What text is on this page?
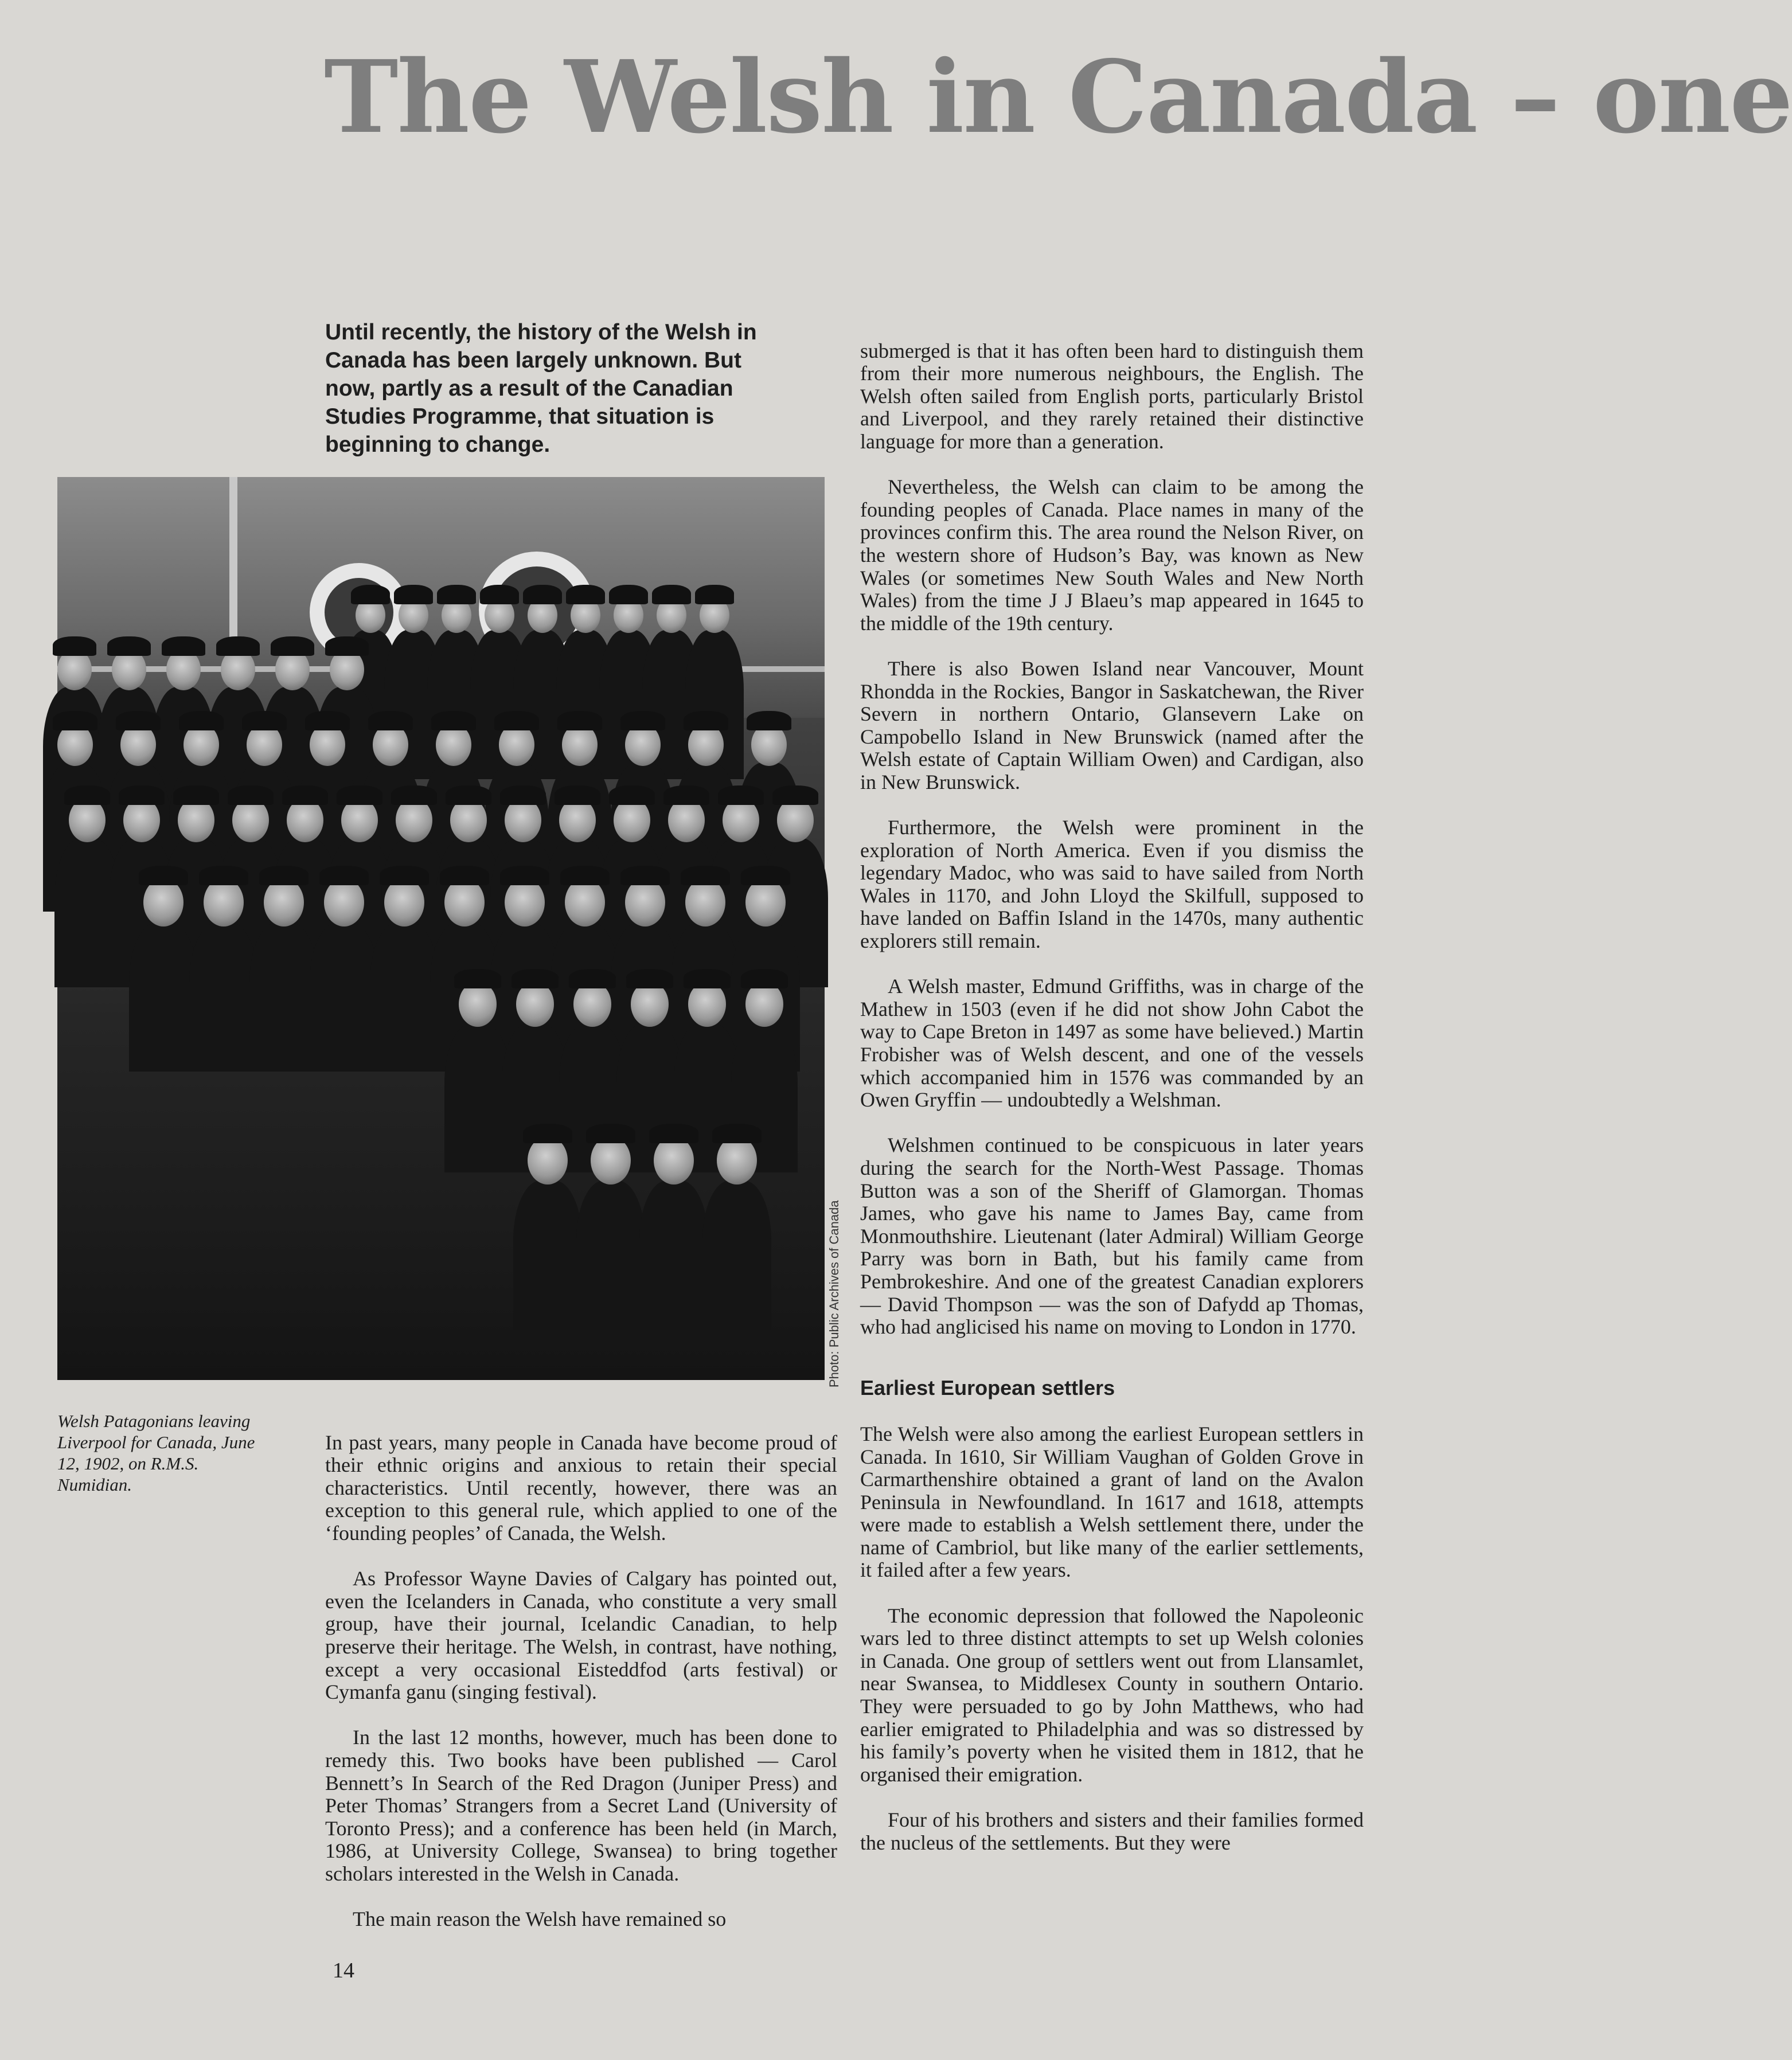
The Welsh in Canada – one

Until recently, the history of the Welsh in Canada has been largely unknown. But now, partly as a result of the Canadian Studies Programme, that situation is beginning to change.

Photo: Public Archives of Canada

Welsh Patagonians leaving Liverpool for Canada, June 12, 1902, on R.M.S. Numidian.

In past years, many people in Canada have become proud of their ethnic origins and anxious to retain their special characteristics. Until recently, however, there was an exception to this general rule, which applied to one of the ‘founding peoples’ of Canada, the Welsh.

As Professor Wayne Davies of Calgary has pointed out, even the Icelanders in Canada, who constitute a very small group, have their journal, Icelandic Canadian, to help preserve their heritage. The Welsh, in contrast, have nothing, except a very occasional Eisteddfod (arts festival) or Cymanfa ganu (singing festival).

In the last 12 months, however, much has been done to remedy this. Two books have been published — Carol Bennett’s In Search of the Red Dragon (Juniper Press) and Peter Thomas’ Strangers from a Secret Land (University of Toronto Press); and a conference has been held (in March, 1986, at University College, Swansea) to bring together scholars interested in the Welsh in Canada.

The main reason the Welsh have remained so

submerged is that it has often been hard to distinguish them from their more numerous neighbours, the English. The Welsh often sailed from English ports, particularly Bristol and Liverpool, and they rarely retained their distinctive language for more than a generation.

Nevertheless, the Welsh can claim to be among the founding peoples of Canada. Place names in many of the provinces confirm this. The area round the Nelson River, on the western shore of Hudson’s Bay, was known as New Wales (or sometimes New South Wales and New North Wales) from the time J J Blaeu’s map appeared in 1645 to the middle of the 19th century.

There is also Bowen Island near Vancouver, Mount Rhondda in the Rockies, Bangor in Saskatchewan, the River Severn in northern Ontario, Glansevern Lake on Campobello Island in New Brunswick (named after the Welsh estate of Captain William Owen) and Cardigan, also in New Brunswick.

Furthermore, the Welsh were prominent in the exploration of North America. Even if you dismiss the legendary Madoc, who was said to have sailed from North Wales in 1170, and John Lloyd the Skilfull, supposed to have landed on Baffin Island in the 1470s, many authentic explorers still remain.

A Welsh master, Edmund Griffiths, was in charge of the Mathew in 1503 (even if he did not show John Cabot the way to Cape Breton in 1497 as some have believed.) Martin Frobisher was of Welsh descent, and one of the vessels which accompanied him in 1576 was commanded by an Owen Gryffin — undoubtedly a Welshman.

Welshmen continued to be conspicuous in later years during the search for the North-West Passage. Thomas Button was a son of the Sheriff of Glamorgan. Thomas James, who gave his name to James Bay, came from Monmouthshire. Lieutenant (later Admiral) William George Parry was born in Bath, but his family came from Pembrokeshire. And one of the greatest Canadian explorers — David Thompson — was the son of Dafydd ap Thomas, who had anglicised his name on moving to London in 1770.

Earliest European settlers

The Welsh were also among the earliest European settlers in Canada. In 1610, Sir William Vaughan of Golden Grove in Carmarthenshire obtained a grant of land on the Avalon Peninsula in Newfoundland. In 1617 and 1618, attempts were made to establish a Welsh settlement there, under the name of Cambriol, but like many of the earlier settlements, it failed after a few years.

The economic depression that followed the Napoleonic wars led to three distinct attempts to set up Welsh colonies in Canada. One group of settlers went out from Llansamlet, near Swansea, to Middlesex County in southern Ontario. They were persuaded to go by John Matthews, who had earlier emigrated to Philadelphia and was so distressed by his family’s poverty when he visited them in 1812, that he organised their emigration.

Four of his brothers and sisters and their families formed the nucleus of the settlements. But they were

14
